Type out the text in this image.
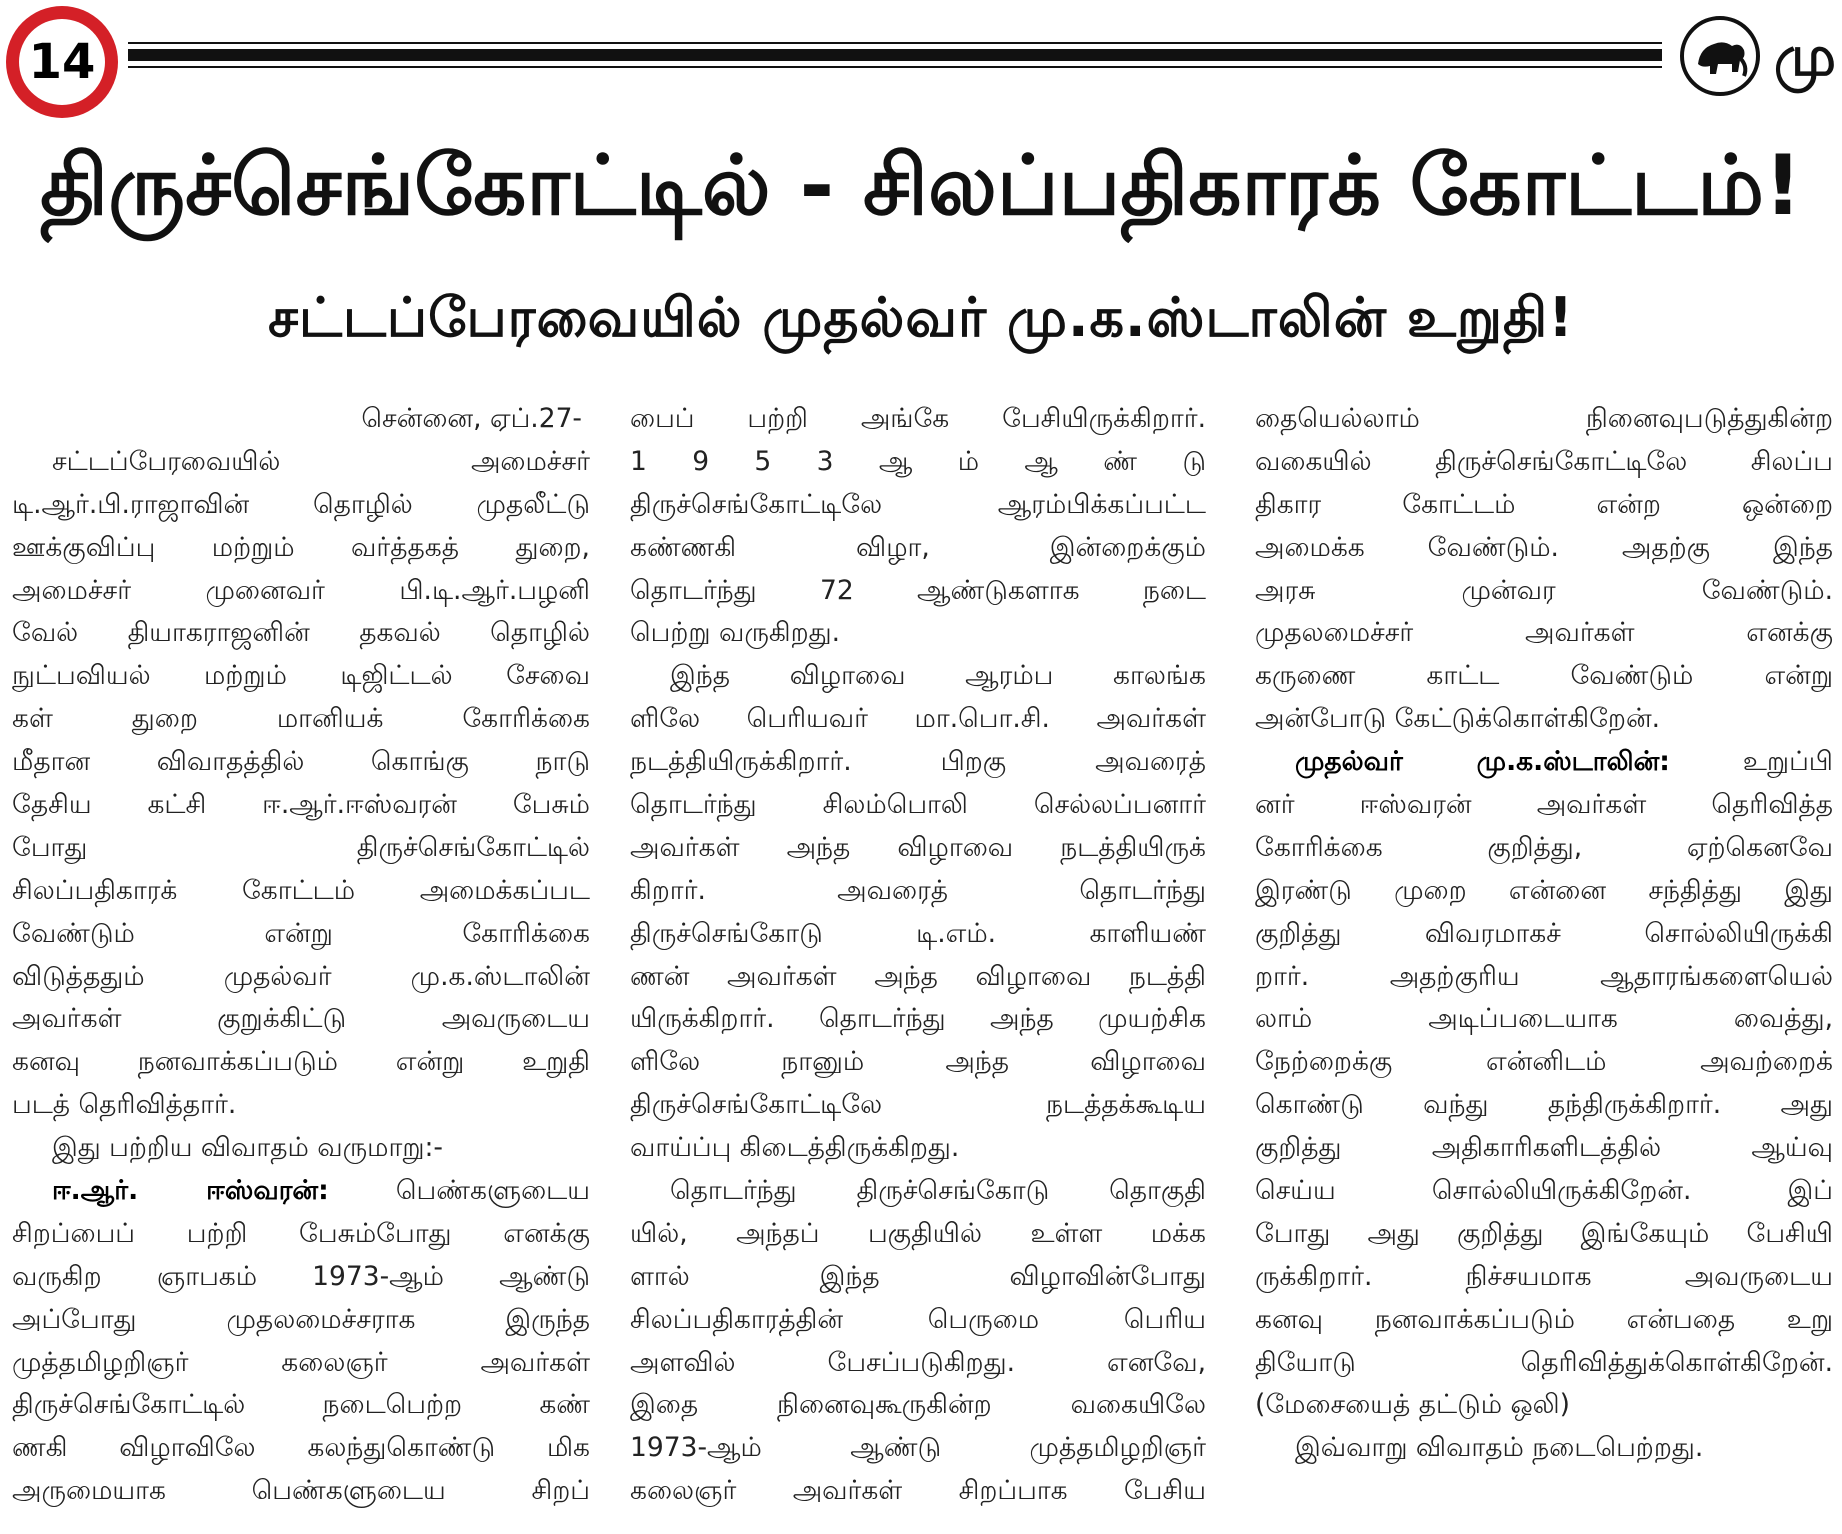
14	மு
திருச்செங்கோட்டில் - சிலப்பதிகாரக் கோட்டம்!
சட்டப்பேரவையில் முதல்வர் மு.க.ஸ்டாலின் உறுதி!
சென்னை, ஏப்.27-
சட்டப்பேரவையில் அமைச்சர்
டி.ஆர்.பி.ராஜாவின் தொழில் முதலீட்டு
ஊக்குவிப்பு மற்றும் வர்த்தகத் துறை,
அமைச்சர் முனைவர் பி.டி.ஆர்.பழனி
வேல் தியாகராஜனின் தகவல் தொழில்
நுட்பவியல் மற்றும் டிஜிட்டல் சேவை
கள் துறை மானியக் கோரிக்கை
மீதான விவாதத்தில் கொங்கு நாடு
தேசிய கட்சி ஈ.ஆர்.ஈஸ்வரன் பேசும்
போது திருச்செங்கோட்டில்
சிலப்பதிகாரக் கோட்டம் அமைக்கப்பட
வேண்டும் என்று கோரிக்கை
விடுத்ததும் முதல்வர் மு.க.ஸ்டாலின்
அவர்கள் குறுக்கிட்டு அவருடைய
கனவு நனவாக்கப்படும் என்று உறுதி
படத் தெரிவித்தார்.
இது பற்றிய விவாதம் வருமாறு:-
ஈ.ஆர். ஈஸ்வரன்:	பெண்களுடைய
சிறப்பைப் பற்றி பேசும்போது எனக்கு
வருகிற ஞாபகம் 1973-ஆம் ஆண்டு
அப்போது முதலமைச்சராக இருந்த
முத்தமிழறிஞர் கலைஞர் அவர்கள்
திருச்செங்கோட்டில் நடைபெற்ற கண்
ணகி விழாவிலே கலந்துகொண்டு மிக
அருமையாக பெண்களுடைய சிறப்
பைப் பற்றி அங்கே பேசியிருக்கிறார்.
1 9 5 3 ஆ ம் ஆ ண் டு
திருச்செங்கோட்டிலே ஆரம்பிக்கப்பட்ட
கண்ணகி விழா, இன்றைக்கும்
தொடர்ந்து 72 ஆண்டுகளாக நடை
பெற்று வருகிறது.
இந்த விழாவை ஆரம்ப காலங்க
ளிலே பெரியவர் மா.பொ.சி. அவர்கள்
நடத்தியிருக்கிறார். பிறகு அவரைத்
தொடர்ந்து சிலம்பொலி செல்லப்பனார்
அவர்கள் அந்த விழாவை நடத்தியிருக்
கிறார். அவரைத் தொடர்ந்து
திருச்செங்கோடு டி.எம். காளியண்
ணன் அவர்கள் அந்த விழாவை நடத்தி
யிருக்கிறார். தொடர்ந்து அந்த முயற்சிக
ளிலே நானும் அந்த விழாவை
திருச்செங்கோட்டிலே நடத்தக்கூடிய
வாய்ப்பு கிடைத்திருக்கிறது.
தொடர்ந்து திருச்செங்கோடு தொகுதி
யில், அந்தப் பகுதியில் உள்ள மக்க
ளால் இந்த விழாவின்போது
சிலப்பதிகாரத்தின் பெருமை பெரிய
அளவில் பேசப்படுகிறது. எனவே,
இதை நினைவுகூருகின்ற வகையிலே
1973-ஆம் ஆண்டு முத்தமிழறிஞர்
கலைஞர் அவர்கள் சிறப்பாக பேசிய
தையெல்லாம் நினைவுபடுத்துகின்ற
வகையில் திருச்செங்கோட்டிலே சிலப்ப
திகார கோட்டம் என்ற ஒன்றை
அமைக்க வேண்டும். அதற்கு இந்த
அரசு முன்வர வேண்டும்.
முதலமைச்சர் அவர்கள் எனக்கு
கருணை காட்ட வேண்டும் என்று
அன்போடு கேட்டுக்கொள்கிறேன்.
முதல்வர் மு.க.ஸ்டாலின்:	உறுப்பி
னர் ஈஸ்வரன் அவர்கள் தெரிவித்த
கோரிக்கை குறித்து, ஏற்கெனவே
இரண்டு முறை என்னை சந்தித்து இது
குறித்து விவரமாகச் சொல்லியிருக்கி
றார். அதற்குரிய ஆதாரங்களையெல்
லாம் அடிப்படையாக வைத்து,
நேற்றைக்கு என்னிடம் அவற்றைக்
கொண்டு வந்து தந்திருக்கிறார். அது
குறித்து அதிகாரிகளிடத்தில் ஆய்வு
செய்ய சொல்லியிருக்கிறேன். இப்
போது அது குறித்து இங்கேயும் பேசியி
ருக்கிறார். நிச்சயமாக அவருடைய
கனவு நனவாக்கப்படும் என்பதை உறு
தியோடு தெரிவித்துக்கொள்கிறேன்.
(மேசையைத் தட்டும் ஒலி)
இவ்வாறு விவாதம் நடைபெற்றது.
